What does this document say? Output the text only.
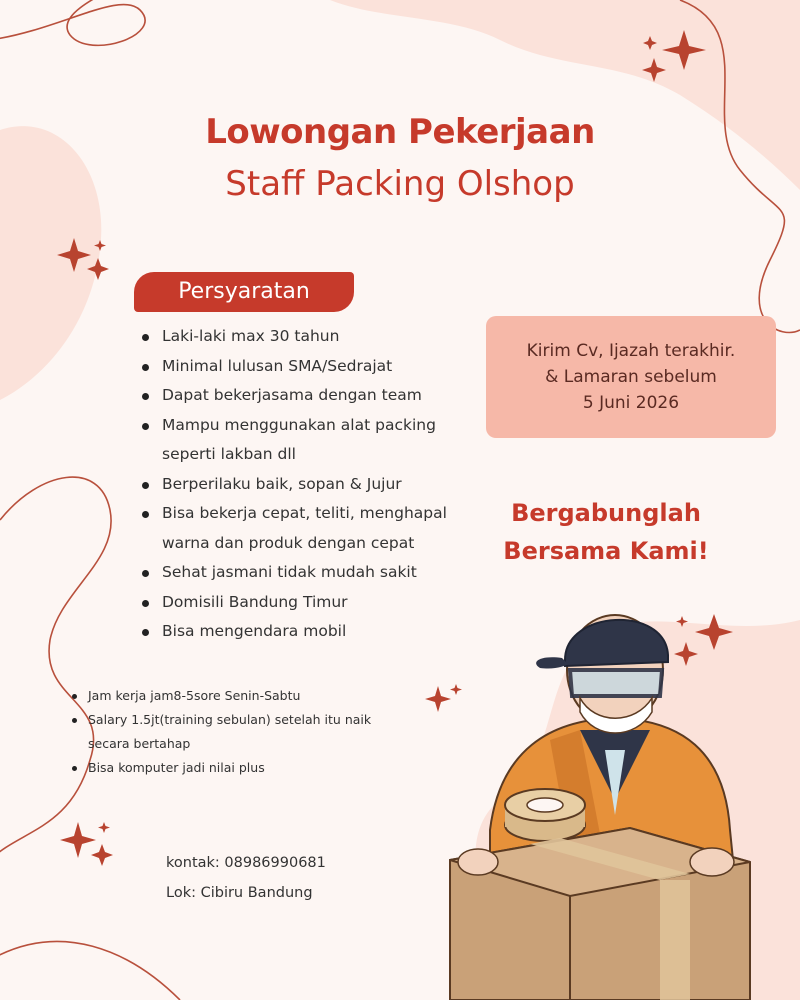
Lowongan Pekerjaan
Staff Packing Olshop
Persyaratan
Laki-laki max 30 tahun
Minimal lulusan SMA/Sedrajat
Dapat bekerjasama dengan team
Mampu menggunakan alat packing seperti lakban dll
Berperilaku baik, sopan & Jujur
Bisa bekerja cepat, teliti, menghapal warna dan produk dengan cepat
Sehat jasmani tidak mudah sakit
Domisili Bandung Timur
Bisa mengendara mobil
Jam kerja jam8-5sore Senin-Sabtu
Salary 1.5jt(training sebulan) setelah itu naik secara bertahap
Bisa komputer jadi nilai plus
Kirim Cv, Ijazah terakhir.
& Lamaran sebelum
5 Juni 2026
Bergabunglah
Bersama Kami!
kontak: 08986990681
Lok: Cibiru Bandung
